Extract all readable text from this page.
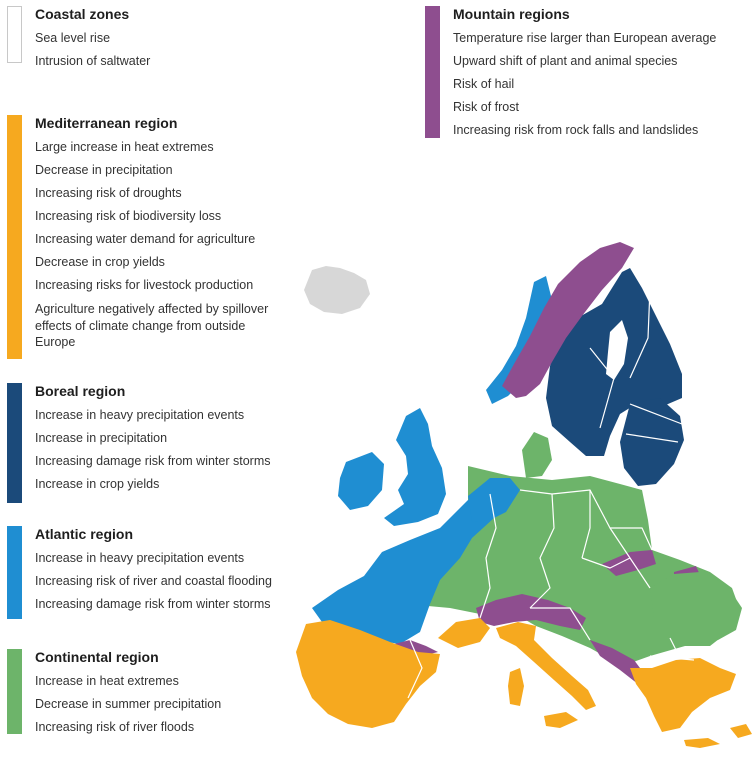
Coastal zones
Sea level rise
Intrusion of saltwater
Mediterranean region
Large increase in heat extremes
Decrease in precipitation
Increasing risk of droughts
Increasing risk of biodiversity loss
Increasing water demand for agriculture
Decrease in crop yields
Increasing risks for livestock production
Agriculture negatively affected by spillover effects of climate change from outside Europe
Boreal region
Increase in heavy precipitation events
Increase in precipitation
Increasing damage risk from winter storms
Increase in crop yields
Atlantic region
Increase in heavy precipitation events
Increasing risk of river and coastal flooding
Increasing damage risk from winter storms
Continental region
Increase in heat extremes
Decrease in summer precipitation
Increasing risk of river floods
Mountain regions
Temperature rise larger than European average
Upward shift of plant and animal species
Risk of hail
Risk of frost
Increasing risk from rock falls and landslides
